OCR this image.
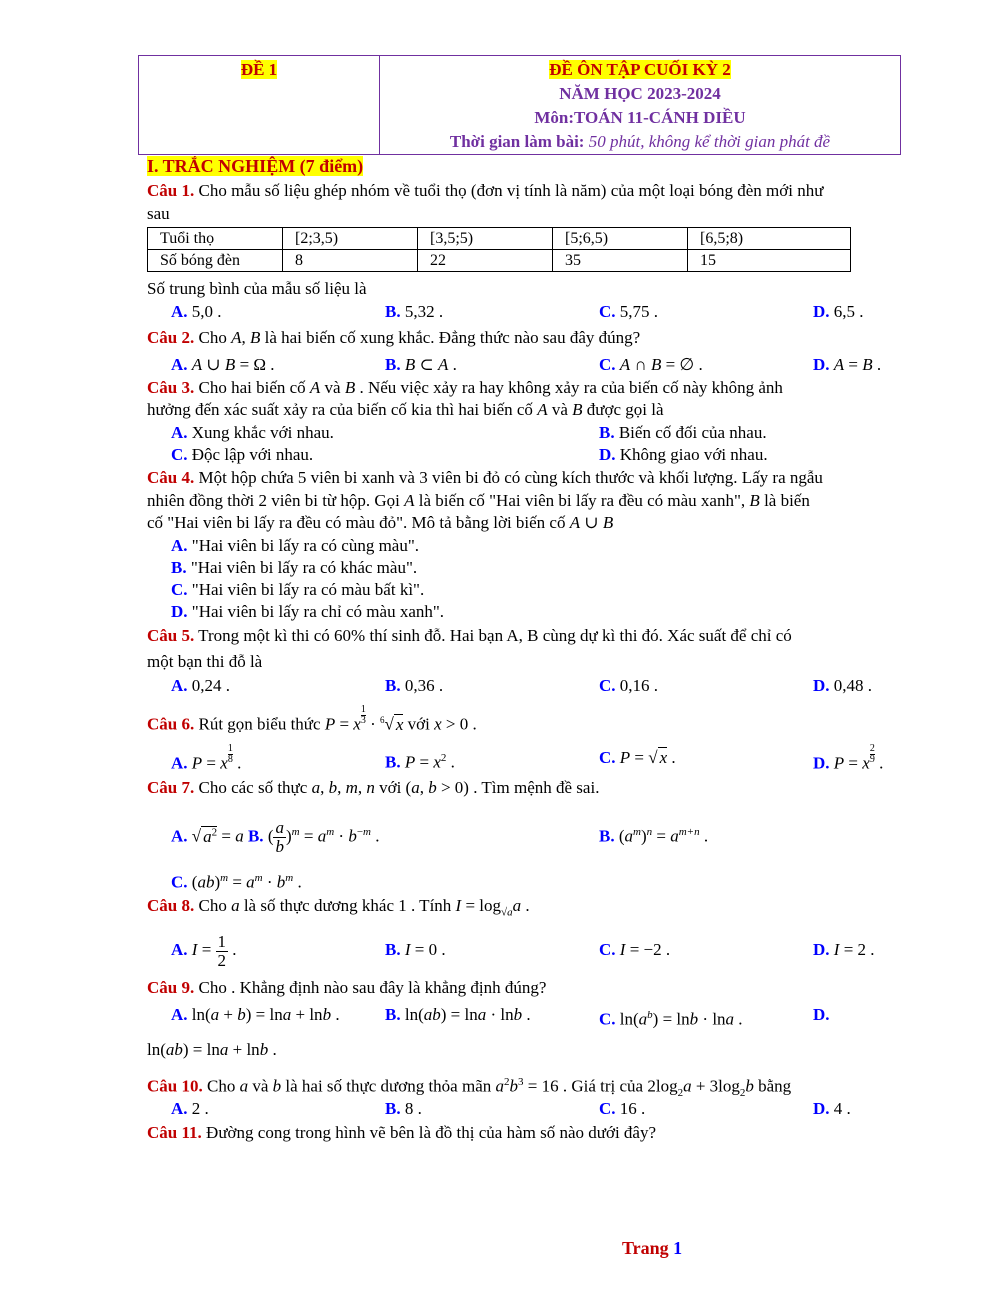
ĐỀ 1	ĐỀ ÔN TẬP CUỐI KỲ 2
NĂM HỌC 2023-2024
Môn:TOÁN 11-CÁNH DIỀU
Thời gian làm bài: 50 phút, không kể thời gian phát đề
I. TRẮC NGHIỆM (7 điểm)
Câu 1. Cho mẫu số liệu ghép nhóm về tuổi thọ (đơn vị tính là năm) của một loại bóng đèn mới như
sau
Tuổi thọ	[2;3,5)	[3,5;5)	[5;6,5)	[6,5;8)
Số bóng đèn	8	22	35	15
Số trung bình của mẫu số liệu là
A. 5,0 .	B. 5,32 .	C. 5,75 .	D. 6,5 .
Câu 2. Cho A, B là hai biến cố xung khắc. Đẳng thức nào sau đây đúng?
A. A ∪ B = Ω .	B. B ⊂ A .	C. A ∩ B = ∅ .	D. A = B .
Câu 3. Cho hai biến cố A và B . Nếu việc xảy ra hay không xảy ra của biến cố này không ảnh
hưởng đến xác suất xảy ra của biến cố kia thì hai biến cố A và B được gọi là
A. Xung khắc với nhau.	B. Biến cố đối của nhau.
C. Độc lập với nhau.	D. Không giao với nhau.
Câu 4. Một hộp chứa 5 viên bi xanh và 3 viên bi đỏ có cùng kích thước và khối lượng. Lấy ra ngẫu
nhiên đồng thời 2 viên bi từ hộp. Gọi A là biến cố "Hai viên bi lấy ra đều có màu xanh", B là biến
cố "Hai viên bi lấy ra đều có màu đỏ". Mô tả bằng lời biến cố A ∪ B
A. "Hai viên bi lấy ra có cùng màu".
B. "Hai viên bi lấy ra có khác màu".
C. "Hai viên bi lấy ra có màu bất kì".
D. "Hai viên bi lấy ra chỉ có màu xanh".
Câu 5. Trong một kì thi có 60% thí sinh đỗ. Hai bạn A, B cùng dự kì thi đó. Xác suất để chỉ có
một bạn thi đỗ là
A. 0,24 .	B. 0,36 .	C. 0,16 .	D. 0,48 .
Câu 6. Rút gọn biểu thức P = x $\frac{1}{3} \cdot ^6√$ x với x > 0 .
A. P = x $\frac{1}{8}$ .	B. $P = x^2$ .	C. P = √ x .	D. P = x $\frac{2}{9}$ .
Câu 7. Cho các số thực a, b, m, n với (a, b > 0) . Tìm mệnh đề sai.
A. √ $a^2 = a$ B. ( $\frac{a}{b} )^m = a^m \cdot b^{-m}$ .	B. $(a^m)^n = a^{m+n}$ .
C. $(ab)^m = a^m \cdot b^m$ .
Câu 8. Cho a là số thực dương khác 1 . Tính $I = \log_{√a}a$ .
A. $I = \frac{1}{2}$ .	B. I = 0 .	C. I = −2 .	D. I = 2 .
Câu 9. Cho . Khẳng định nào sau đây là khẳng định đúng?
A. ln(a + b) = lna + lnb .	B. ln(ab) = lna · lnb .	C. $\ln(a^b) = \ln b \cdot \ln a$ .	D.
ln(ab) = lna + lnb .
Câu 10. Cho a và b là hai số thực dương thỏa mãn $a^2b^3 = 16$ . Giá trị của $2\log_2a + 3\log_2b$ bằng
A. 2 .	B. 8 .	C. 16 .	D. 4 .
Câu 11. Đường cong trong hình vẽ bên là đồ thị của hàm số nào dưới đây?
Trang 1
